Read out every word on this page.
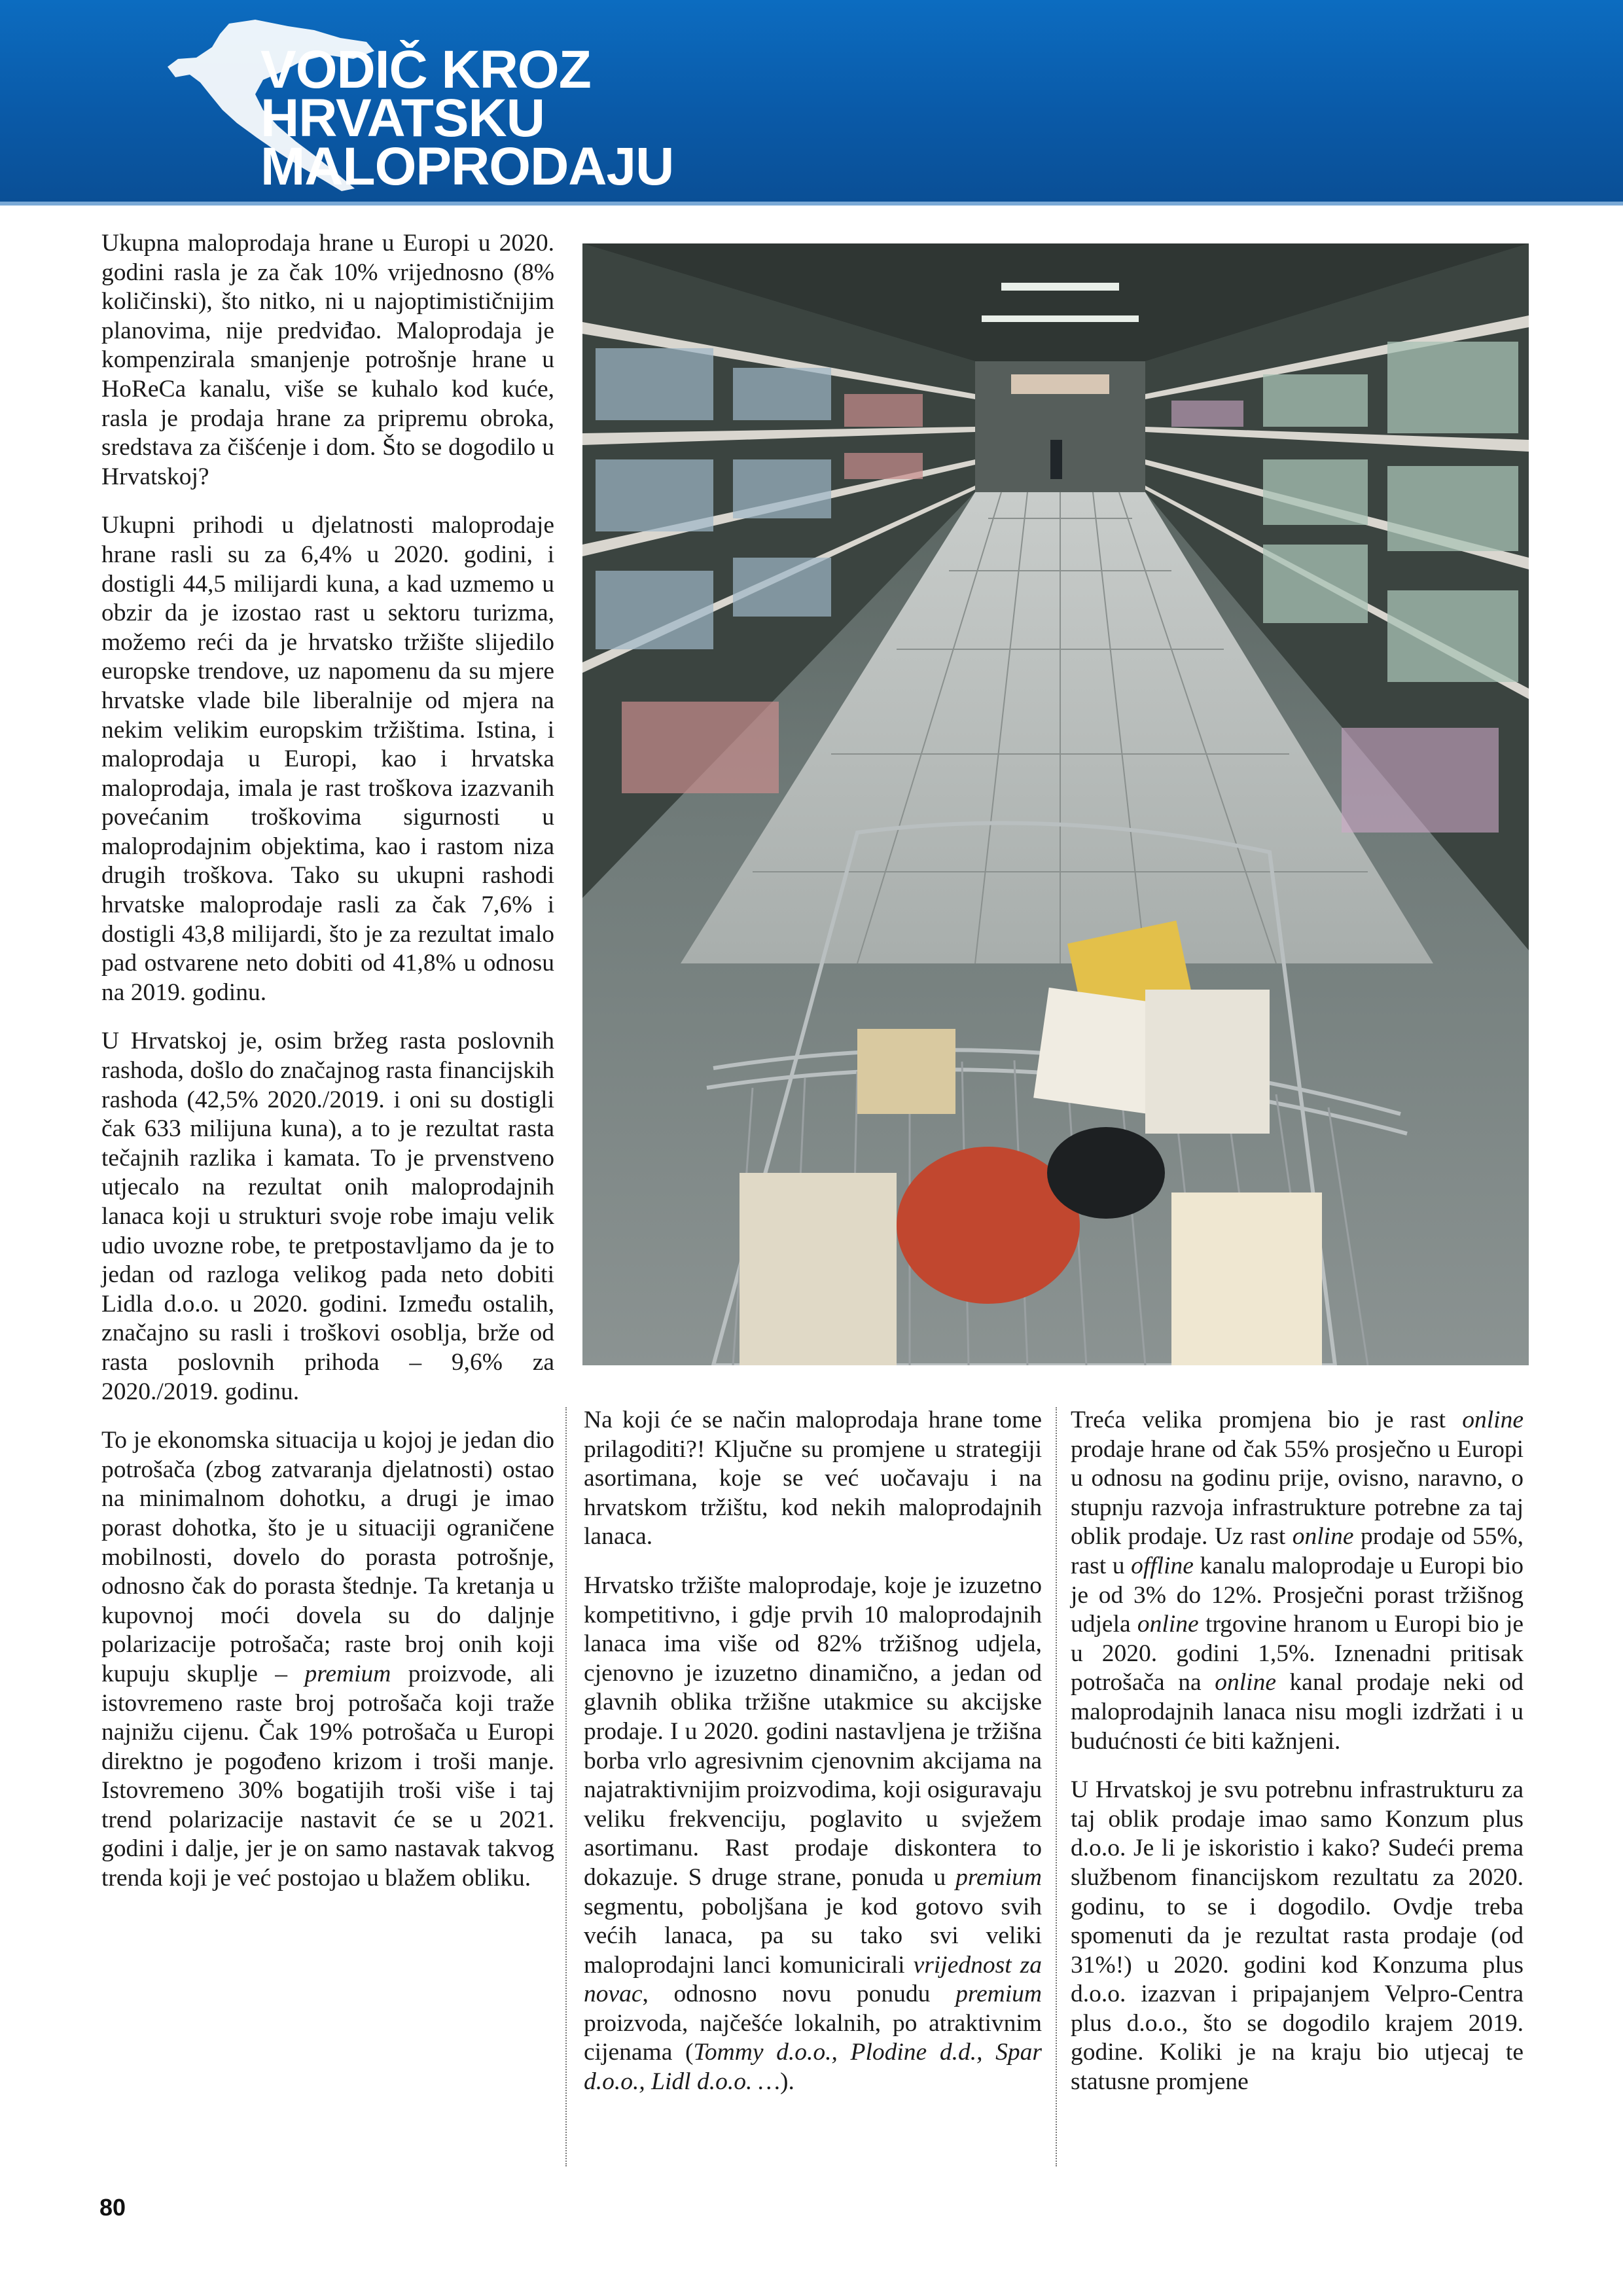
VODIČ KROZ
HRVATSKU
MALOPRODAJU

Ukupna maloprodaja hrane u Europi u 2020. godini rasla je za čak 10% vrijednosno (8% količinski), što nitko, ni u najoptimističnijim planovima, nije predviđao. Maloprodaja je kompenzirala smanjenje potrošnje hrane u HoReCa kanalu, više se kuhalo kod kuće, rasla je prodaja hrane za pripremu obroka, sredstava za čišćenje i dom. Što se dogodilo u Hrvatskoj?

Ukupni prihodi u djelatnosti maloprodaje hrane rasli su za 6,4% u 2020. godini, i dostigli 44,5 milijardi kuna, a kad uzmemo u obzir da je izostao rast u sektoru turizma, možemo reći da je hrvatsko tržište slijedilo europske trendove, uz napomenu da su mjere hrvatske vlade bile liberalnije od mjera na nekim velikim europskim tržištima. Istina, i maloprodaja u Europi, kao i hrvatska maloprodaja, imala je rast troškova izazvanih povećanim troškovima sigurnosti u maloprodajnim objektima, kao i rastom niza drugih troškova. Tako su ukupni rashodi hrvatske maloprodaje rasli za čak 7,6% i dostigli 43,8 milijardi, što je za rezultat imalo pad ostvarene neto dobiti od 41,8% u odnosu na 2019. godinu.

U Hrvatskoj je, osim bržeg rasta poslovnih rashoda, došlo do značajnog rasta financijskih rashoda (42,5% 2020./2019. i oni su dostigli čak 633 milijuna kuna), a to je rezultat rasta tečajnih razlika i kamata. To je prvenstveno utjecalo na rezultat onih maloprodajnih lanaca koji u strukturi svoje robe imaju velik udio uvozne robe, te pretpostavljamo da je to jedan od razloga velikog pada neto dobiti Lidla d.o.o. u 2020. godini. Između ostalih, značajno su rasli i troškovi osoblja, brže od rasta poslovnih prihoda – 9,6% za 2020./2019. godinu.

To je ekonomska situacija u kojoj je jedan dio potrošača (zbog zatvaranja djelatnosti) ostao na minimalnom dohotku, a drugi je imao porast dohotka, što je u situaciji ograničene mobilnosti, dovelo do porasta potrošnje, odnosno čak do porasta štednje. Ta kretanja u kupovnoj moći dovela su do daljnje polarizacije potrošača; raste broj onih koji kupuju skuplje – premium proizvode, ali istovremeno raste broj potrošača koji traže najnižu cijenu. Čak 19% potrošača u Europi direktno je pogođeno krizom i troši manje. Istovremeno 30% bogatijih troši više i taj trend polarizacije nastavit će se u 2021. godini i dalje, jer je on samo nastavak takvog trenda koji je već postojao u blažem obliku.

Na koji će se način maloprodaja hrane tome prilagoditi?! Ključne su promjene u strategiji asortimana, koje se već uočavaju i na hrvatskom tržištu, kod nekih maloprodajnih lanaca.

Hrvatsko tržište maloprodaje, koje je izuzetno kompetitivno, i gdje prvih 10 maloprodajnih lanaca ima više od 82% tržišnog udjela, cjenovno je izuzetno dinamično, a jedan od glavnih oblika tržišne utakmice su akcijske prodaje. I u 2020. godini nastavljena je tržišna borba vrlo agresivnim cjenovnim akcijama na najatraktivnijim proizvodima, koji osiguravaju veliku frekvenciju, poglavito u svježem asortimanu. Rast prodaje diskontera to dokazuje. S druge strane, ponuda u premium segmentu, poboljšana je kod gotovo svih većih lanaca, pa su tako svi veliki maloprodajni lanci komunicirali vrijednost za novac, odnosno novu ponudu premium proizvoda, najčešće lokalnih, po atraktivnim cijenama (Tommy d.o.o., Plodine d.d., Spar d.o.o., Lidl d.o.o. …).

Treća velika promjena bio je rast online prodaje hrane od čak 55% prosječno u Europi u odnosu na godinu prije, ovisno, naravno, o stupnju razvoja infrastrukture potrebne za taj oblik prodaje. Uz rast online prodaje od 55%, rast u offline kanalu maloprodaje u Europi bio je od 3% do 12%. Prosječni porast tržišnog udjela online trgovine hranom u Europi bio je u 2020. godini 1,5%. Iznenadni pritisak potrošača na online kanal prodaje neki od maloprodajnih lanaca nisu mogli izdržati i u budućnosti će biti kažnjeni.

U Hrvatskoj je svu potrebnu infrastrukturu za taj oblik prodaje imao samo Konzum plus d.o.o. Je li je iskoristio i kako? Sudeći prema službenom financijskom rezultatu za 2020. godinu, to se i dogodilo. Ovdje treba spomenuti da je rezultat rasta prodaje (od 31%!) u 2020. godini kod Konzuma plus d.o.o. izazvan i pripajanjem Velpro-Centra plus d.o.o., što se dogodilo krajem 2019. godine. Koliki je na kraju bio utjecaj te statusne promjene

80
